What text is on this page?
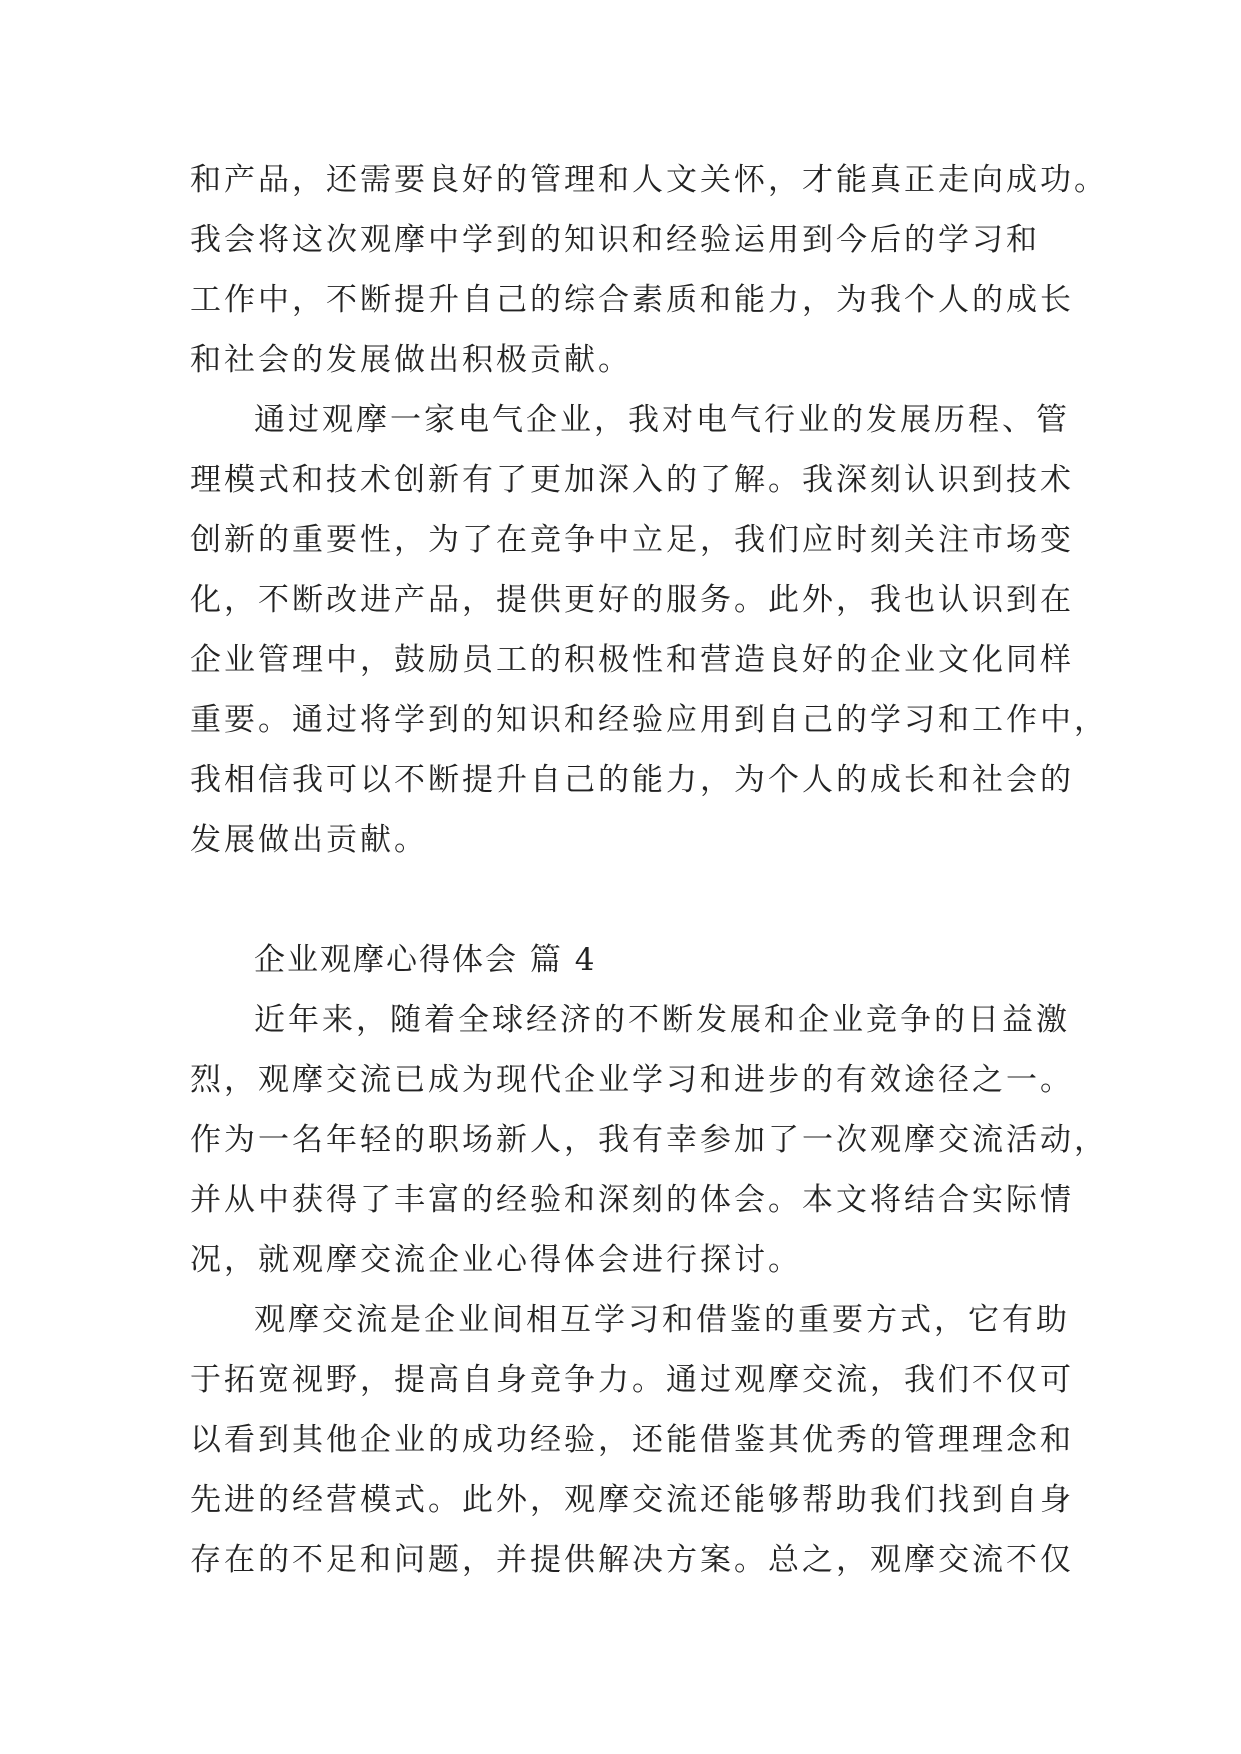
和产品，还需要良好的管理和人文关怀，才能真正走向成功。
我会将这次观摩中学到的知识和经验运用到今后的学习和
工作中，不断提升自己的综合素质和能力，为我个人的成长
和社会的发展做出积极贡献。
通过观摩一家电气企业，我对电气行业的发展历程、管
理模式和技术创新有了更加深入的了解。我深刻认识到技术
创新的重要性，为了在竞争中立足，我们应时刻关注市场变
化，不断改进产品，提供更好的服务。此外，我也认识到在
企业管理中，鼓励员工的积极性和营造良好的企业文化同样
重要。通过将学到的知识和经验应用到自己的学习和工作中，
我相信我可以不断提升自己的能力，为个人的成长和社会的
发展做出贡献。
企业观摩心得体会 篇 4
近年来，随着全球经济的不断发展和企业竞争的日益激
烈，观摩交流已成为现代企业学习和进步的有效途径之一。
作为一名年轻的职场新人，我有幸参加了一次观摩交流活动，
并从中获得了丰富的经验和深刻的体会。本文将结合实际情
况，就观摩交流企业心得体会进行探讨。
观摩交流是企业间相互学习和借鉴的重要方式，它有助
于拓宽视野，提高自身竞争力。通过观摩交流，我们不仅可
以看到其他企业的成功经验，还能借鉴其优秀的管理理念和
先进的经营模式。此外，观摩交流还能够帮助我们找到自身
存在的不足和问题，并提供解决方案。总之，观摩交流不仅
